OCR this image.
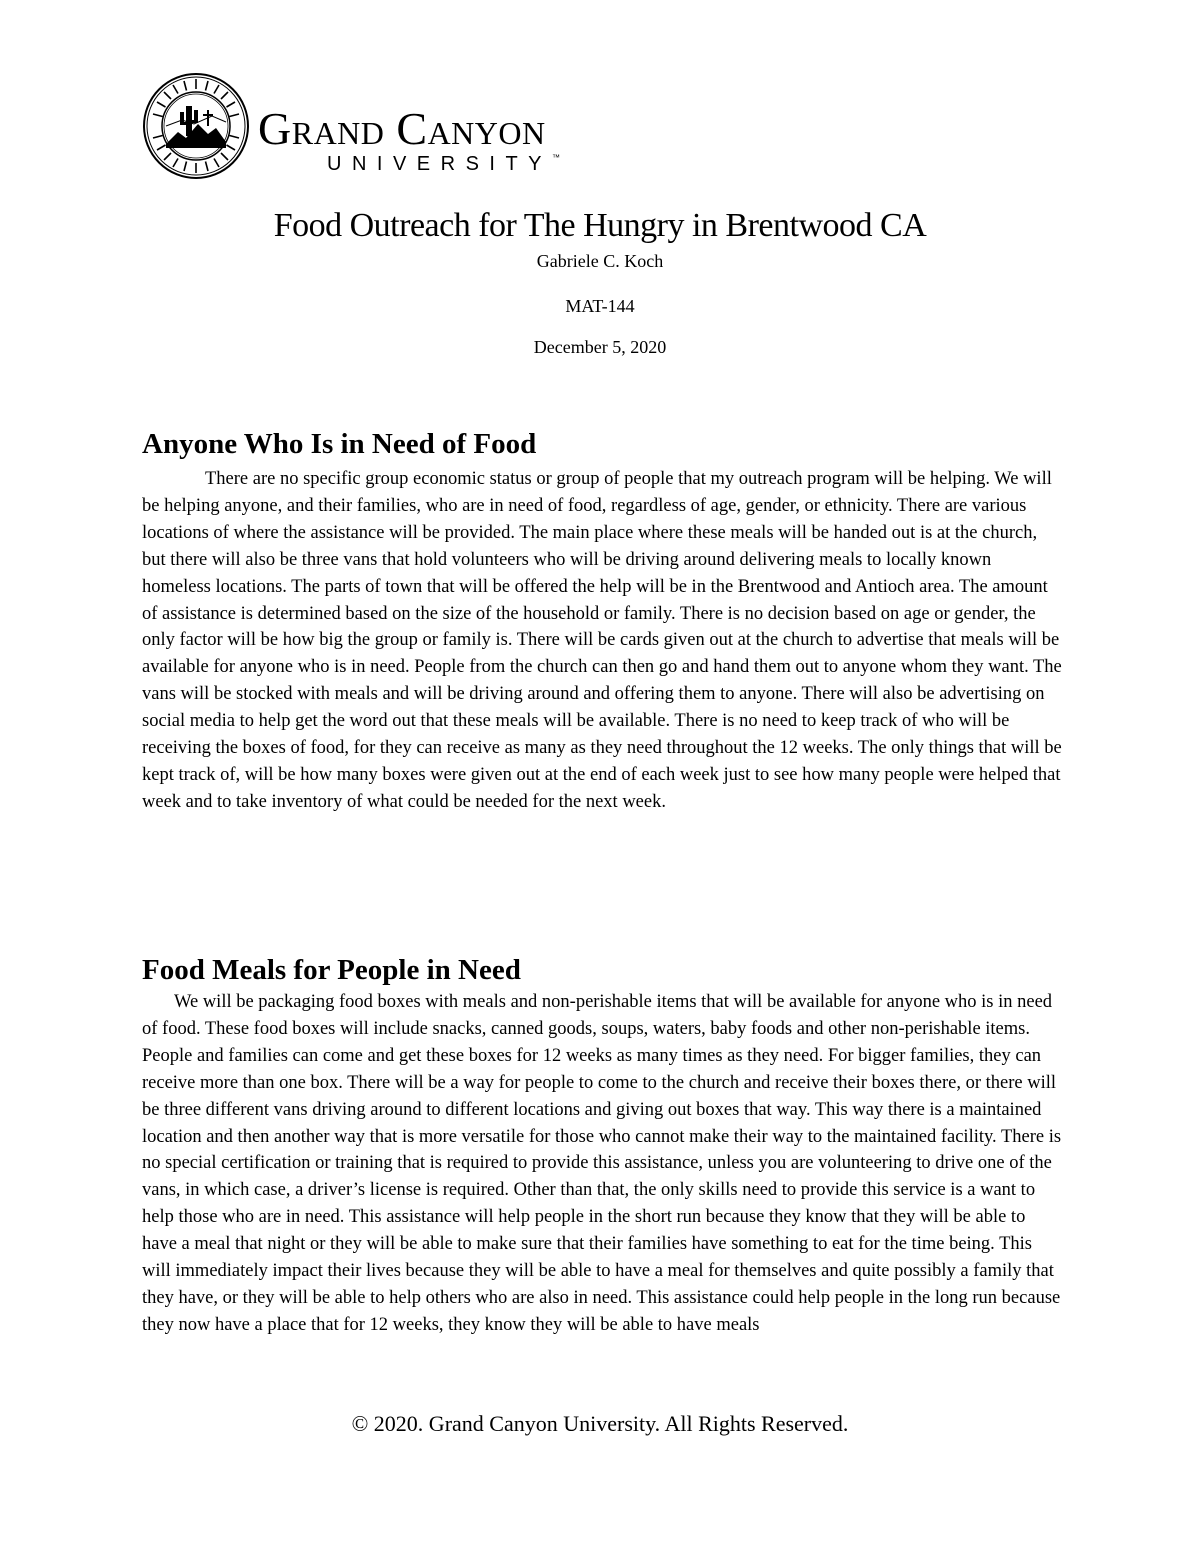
Grand Canyon
UNIVERSITY™
Food Outreach for The Hungry in Brentwood CA
Gabriele C. Koch
MAT-144
December 5, 2020
Anyone Who Is in Need of Food

There are no specific group economic status or group of people that my outreach program will be helping. We will be helping anyone, and their families, who are in need of food, regardless of age, gender, or ethnicity. There are various locations of where the assistance will be provided. The main place where these meals will be handed out is at the church, but there will also be three vans that hold volunteers who will be driving around delivering meals to locally known homeless locations. The parts of town that will be offered the help will be in the Brentwood and Antioch area. The amount of assistance is determined based on the size of the household or family. There is no decision based on age or gender, the only factor will be how big the group or family is. There will be cards given out at the church to advertise that meals will be available for anyone who is in need. People from the church can then go and hand them out to anyone whom they want. The vans will be stocked with meals and will be driving around and offering them to anyone. There will also be advertising on social media to help get the word out that these meals will be available. There is no need to keep track of who will be receiving the boxes of food, for they can receive as many as they need throughout the 12 weeks. The only things that will be kept track of, will be how many boxes were given out at the end of each week just to see how many people were helped that week and to take inventory of what could be needed for the next week.

Food Meals for People in Need

We will be packaging food boxes with meals and non-perishable items that will be available for anyone who is in need of food. These food boxes will include snacks, canned goods, soups, waters, baby foods and other non-perishable items. People and families can come and get these boxes for 12 weeks as many times as they need. For bigger families, they can receive more than one box. There will be a way for people to come to the church and receive their boxes there, or there will be three different vans driving around to different locations and giving out boxes that way. This way there is a maintained location and then another way that is more versatile for those who cannot make their way to the maintained facility. There is no special certification or training that is required to provide this assistance, unless you are volunteering to drive one of the vans, in which case, a driver’s license is required. Other than that, the only skills need to provide this service is a want to help those who are in need. This assistance will help people in the short run because they know that they will be able to have a meal that night or they will be able to make sure that their families have something to eat for the time being. This will immediately impact their lives because they will be able to have a meal for themselves and quite possibly a family that they have, or they will be able to help others who are also in need. This assistance could help people in the long run because they now have a place that for 12 weeks, they know they will be able to have meals

© 2020. Grand Canyon University. All Rights Reserved.
